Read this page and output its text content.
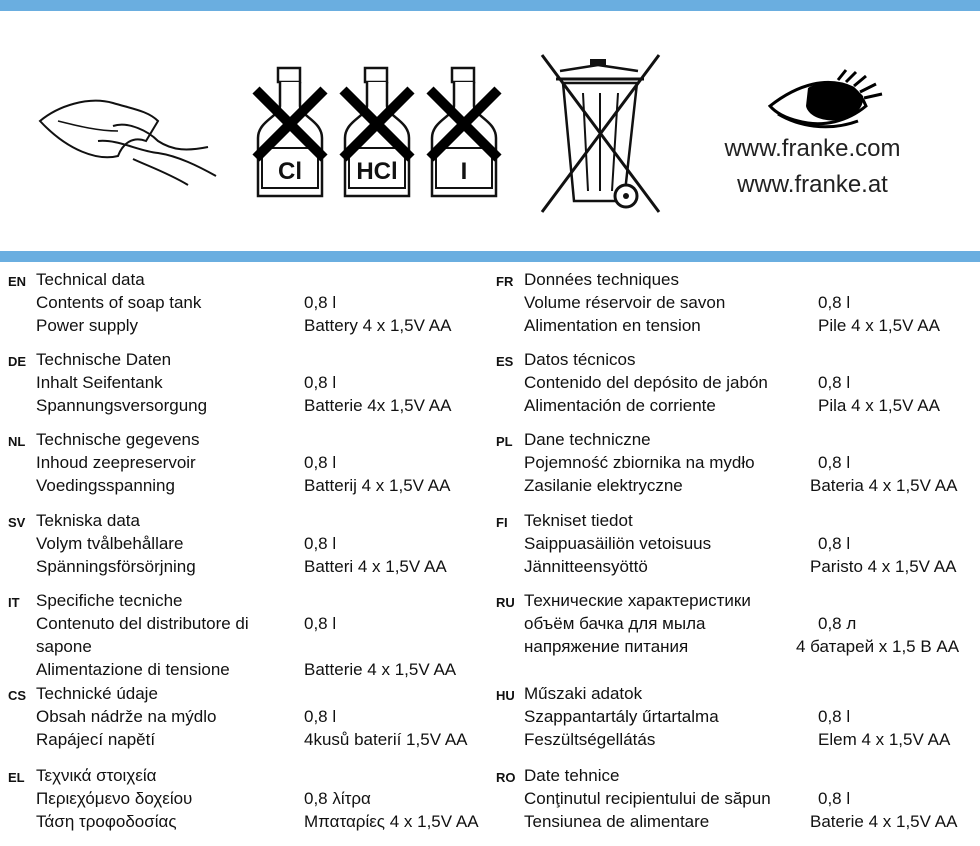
Cl	HCl	I
www.franke.com
www.franke.at
EN Technical data
Contents of soap tank	0,8 l
Power supply	Battery 4 x 1,5V AA
DE Technische Daten
Inhalt Seifentank	0,8 l
Spannungsversorgung	Batterie 4x 1,5V AA
NL Technische gegevens
Inhoud zeepreservoir	0,8 l
Voedingsspanning	Batterij 4 x 1,5V AA
SV Tekniska data
Volym tvålbehållare	0,8 l
Spänningsförsörjning	Batteri 4 x 1,5V AA
IT Specifiche tecniche
Contenuto del distributore di	0,8 l
sapone
Alimentazione di tensione	Batterie 4 x 1,5V AA
CS Technické údaje
Obsah nádrže na mýdlo	0,8 l
Rapájecí napětí	4kusů baterií 1,5V AA
EL Τεχνικά στοιχεία
Περιεχόμενο δοχείου	0,8 λίτρα
Τάση τροφοδοσίας	Μπαταρίες 4 x 1,5V AA
FR Données techniques
Volume réservoir de savon	0,8 l
Alimentation en tension	Pile 4 x 1,5V AA
ES Datos técnicos
Contenido del depósito de jabón	0,8 l
Alimentación de corriente	Pila 4 x 1,5V AA
PL Dane techniczne
Pojemność zbiornika na mydło	0,8 l
Zasilanie elektryczne	Bateria 4 x 1,5V AA
FI Tekniset tiedot
Saippuasäiliön vetoisuus	0,8 l
Jännitteensyöttö	Paristo 4 x 1,5V AA
RU Технические характеристики
объём бачка для мыла	0,8 л
напряжение питания	4 батарей x 1,5 В AA
HU Műszaki adatok
Szappantartály űrtartalma	0,8 l
Feszültségellátás	Elem 4 x 1,5V AA
RO Date tehnice
Conţinutul recipientului de săpun	0,8 l
Tensiunea de alimentare	Baterie 4 x 1,5V AA
